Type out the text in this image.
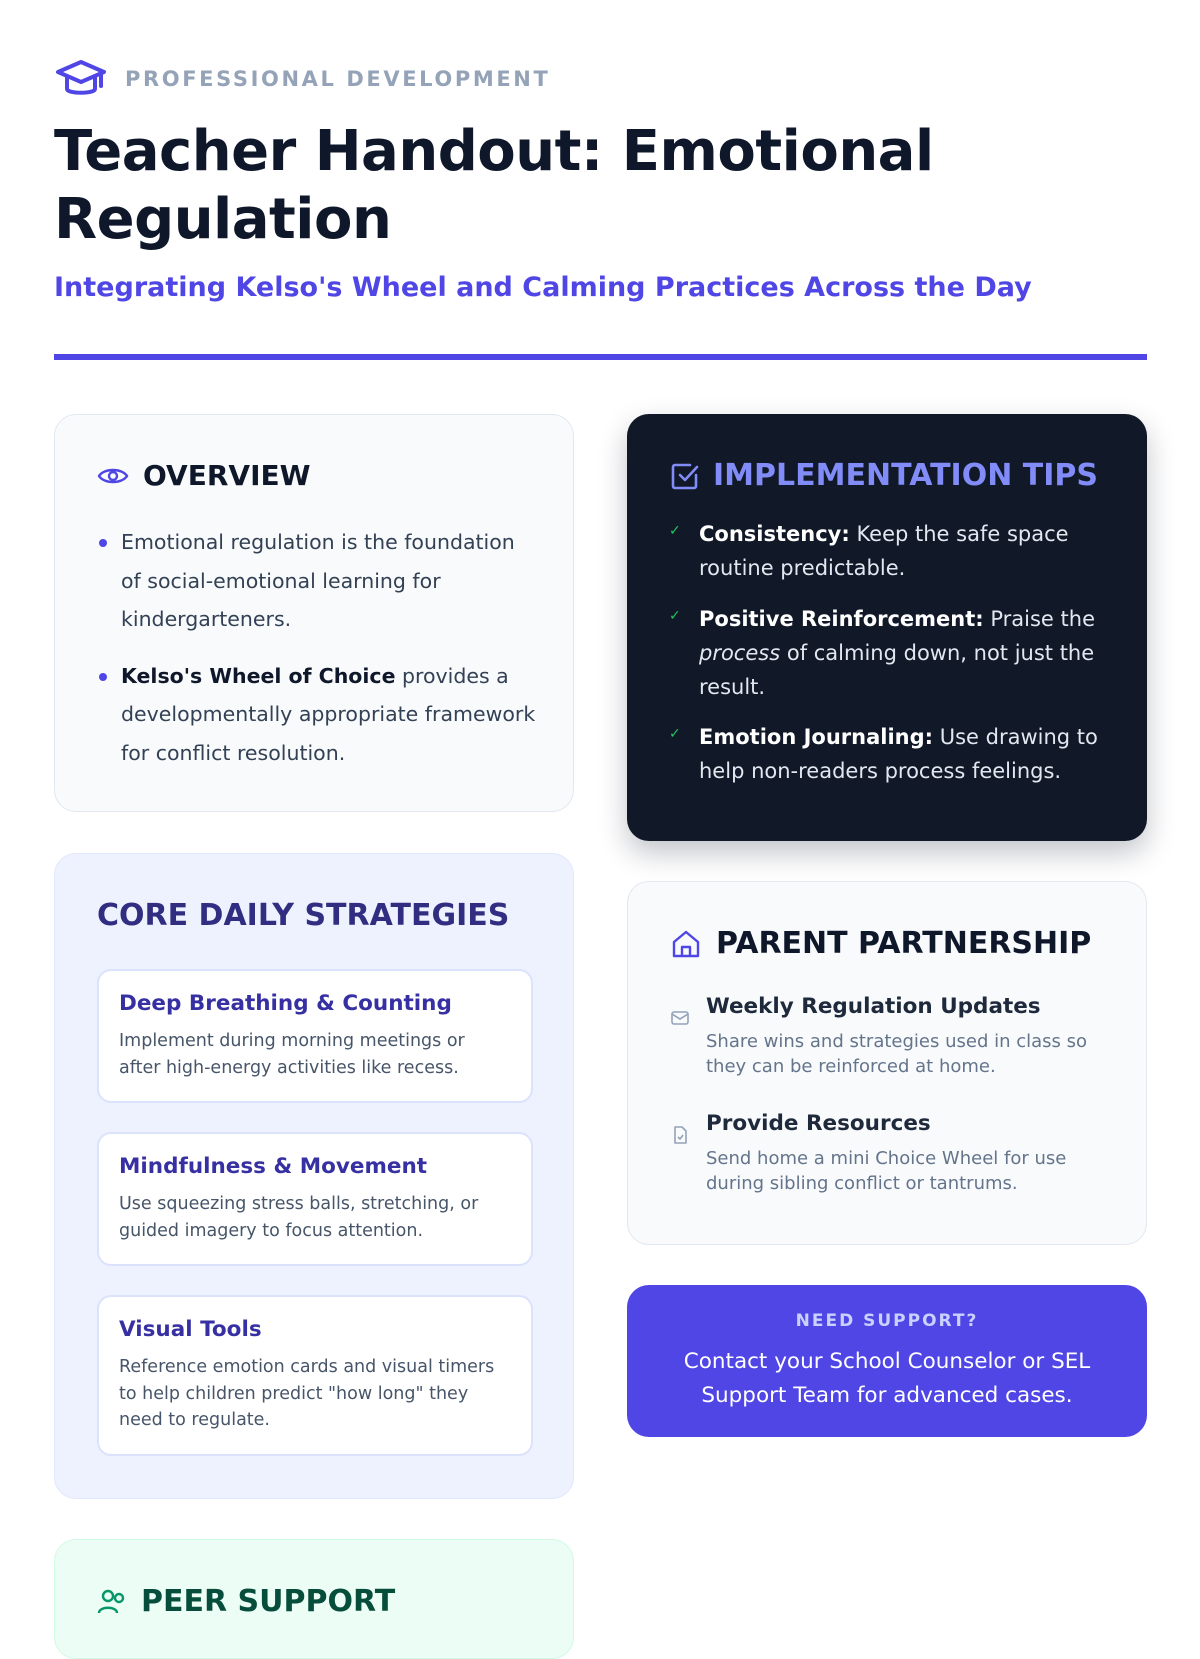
PROFESSIONAL DEVELOPMENT
Teacher Handout: Emotional Regulation
Integrating Kelso's Wheel and Calming Practices Across the Day
OVERVIEW
Emotional regulation is the foundation of social-emotional learning for kindergarteners.
Kelso's Wheel of Choice provides a developmentally appropriate framework for conflict resolution.
IMPLEMENTATION TIPS
✓ Consistency: Keep the safe space routine predictable.
✓ Positive Reinforcement: Praise the process of calming down, not just the result.
✓ Emotion Journaling: Use drawing to help non-readers process feelings.
CORE DAILY STRATEGIES
Deep Breathing & Counting
Implement during morning meetings or after high-energy activities like recess.
Mindfulness & Movement
Use squeezing stress balls, stretching, or guided imagery to focus attention.
Visual Tools
Reference emotion cards and visual timers to help children predict "how long" they need to regulate.
PARENT PARTNERSHIP
Weekly Regulation Updates
Share wins and strategies used in class so they can be reinforced at home.
Provide Resources
Send home a mini Choice Wheel for use during sibling conflict or tantrums.
NEED SUPPORT?
Contact your School Counselor or SEL Support Team for advanced cases.
PEER SUPPORT
